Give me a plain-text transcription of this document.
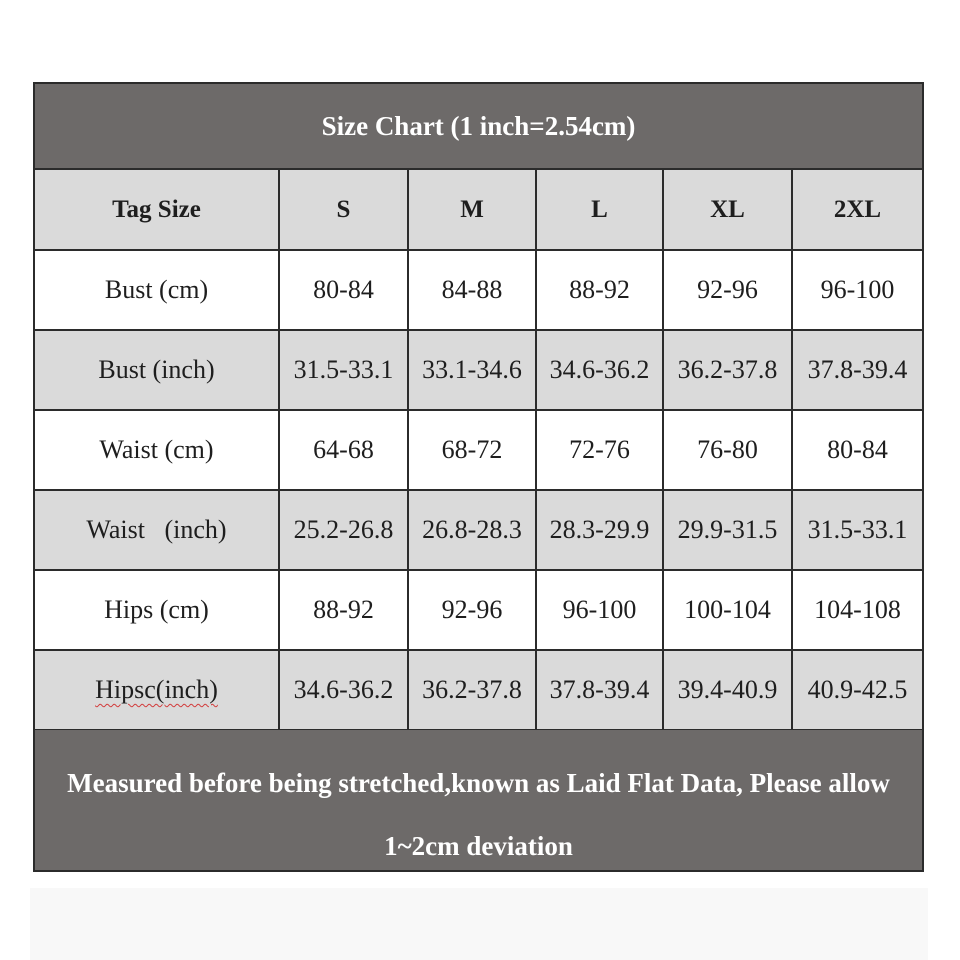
Size Chart (1 inch=2.54cm)
Tag Size	S	M	L	XL	2XL
Bust (cm)	80-84	84-88	88-92	92-96	96-100
Bust (inch)	31.5-33.1	33.1-34.6	34.6-36.2	36.2-37.8	37.8-39.4
Waist (cm)	64-68	68-72	72-76	76-80	80-84
Waist   (inch)	25.2-26.8	26.8-28.3	28.3-29.9	29.9-31.5	31.5-33.1
Hips (cm)	88-92	92-96	96-100	100-104	104-108
Hipsc(inch)	34.6-36.2	36.2-37.8	37.8-39.4	39.4-40.9	40.9-42.5
Measured before being stretched,known as Laid Flat Data, Please allow
1~2cm deviation
